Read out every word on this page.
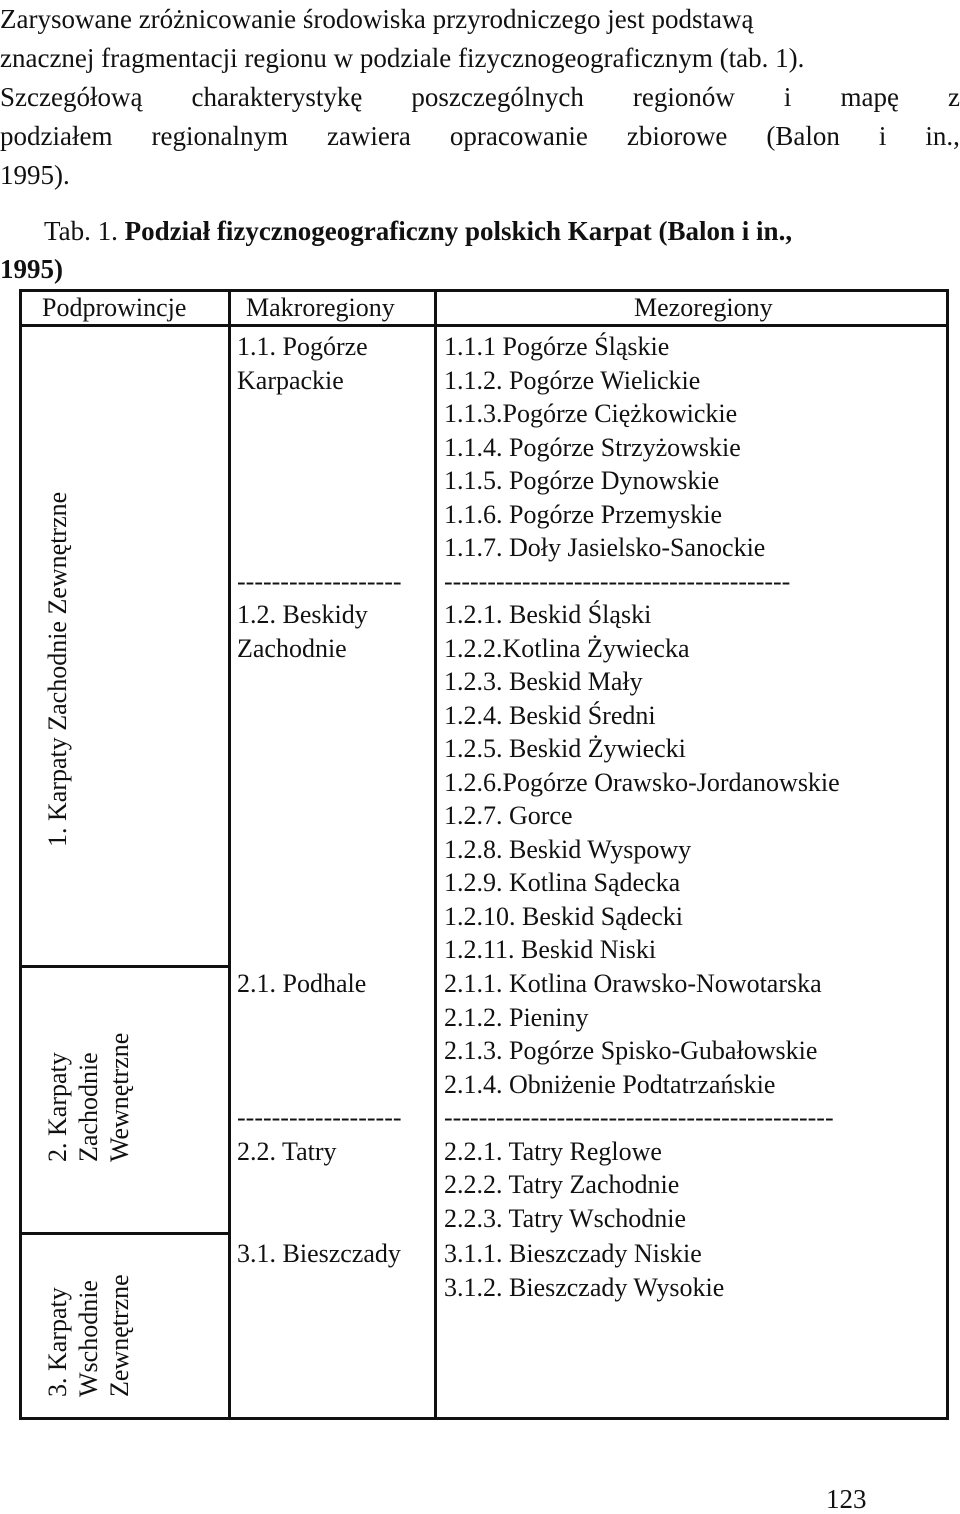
Zarysowane zróżnicowanie środowiska przyrodniczego jest podstawą
znacznej fragmentacji regionu w podziale fizycznogeograficznym (tab. 1).
Szczegółową charakterystykę poszczególnych regionów i mapę z
podziałem regionalnym zawiera opracowanie zbiorowe (Balon i in.,
1995).
Tab. 1. Podział fizycznogeograficzny polskich Karpat (Balon i in.,
1995)
Podprowincje Makroregiony	Mezoregiony
1. Karpaty Zachodnie Zewnętrzne
2. Karpaty Zachodnie Wewnętrzne
3. Karpaty Wschodnie Zewnętrzne
1.1. Pogórze
Karpackie
-------------------
1.2. Beskidy
Zachodnie
1.1.1 Pogórze Śląskie
1.1.2. Pogórze Wielickie
1.1.3.Pogórze Ciężkowickie
1.1.4. Pogórze Strzyżowskie
1.1.5. Pogórze Dynowskie
1.1.6. Pogórze Przemyskie
1.1.7. Doły Jasielsko-Sanockie
----------------------------------------
1.2.1. Beskid Śląski
1.2.2.Kotlina Żywiecka
1.2.3. Beskid Mały
1.2.4. Beskid Średni
1.2.5. Beskid Żywiecki
1.2.6.Pogórze Orawsko-Jordanowskie
1.2.7. Gorce
1.2.8. Beskid Wyspowy
1.2.9. Kotlina Sądecka
1.2.10. Beskid Sądecki
1.2.11. Beskid Niski
2.1. Podhale
-------------------
2.2. Tatry
2.1.1. Kotlina Orawsko-Nowotarska
2.1.2. Pieniny
2.1.3. Pogórze Spisko-Gubałowskie
2.1.4. Obniżenie Podtatrzańskie
---------------------------------------------
2.2.1. Tatry Reglowe
2.2.2. Tatry Zachodnie
2.2.3. Tatry Wschodnie
3.1. Bieszczady 3.1.1. Bieszczady Niskie
3.1.2. Bieszczady Wysokie
123
